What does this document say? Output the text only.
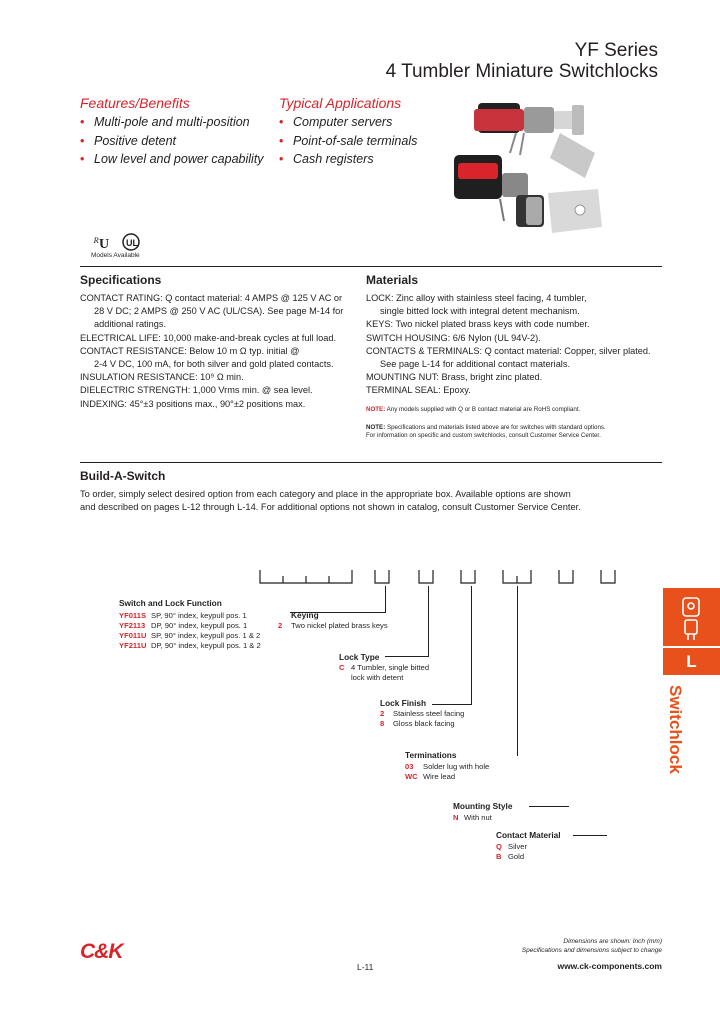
YF Series
4 Tumbler Miniature Switchlocks
Features/Benefits
• Multi-pole and multi-position
• Positive detent
• Low level and power capability
Typical Applications
• Computer servers
• Point-of-sale terminals
• Cash registers
ᴿ U UL
Models Available
Specifications
CONTACT RATING: Q contact material: 4 AMPS @ 125 V AC or
28 V DC; 2 AMPS @ 250 V AC (UL/CSA). See page M-14 for
additional ratings.
ELECTRICAL LIFE: 10,000 make-and-break cycles at full load.
CONTACT RESISTANCE: Below 10 m Ω typ. initial @
2-4 V DC, 100 mA, for both silver and gold plated contacts.
INSULATION RESISTANCE: 10⁹ Ω min.
DIELECTRIC STRENGTH: 1,000 Vrms min. @ sea level.
INDEXING: 45°±3 positions max., 90°±2 positions max.
Materials
LOCK: Zinc alloy with stainless steel facing, 4 tumbler,
single bitted lock with integral detent mechanism.
KEYS: Two nickel plated brass keys with code number.
SWITCH HOUSING: 6/6 Nylon (UL 94V-2).
CONTACTS & TERMINALS: Q contact material: Copper, silver plated.
See page L-14 for additional contact materials.
MOUNTING NUT: Brass, bright zinc plated.
TERMINAL SEAL: Epoxy.
NOTE: Any models supplied with Q or B contact material are RoHS compliant.
NOTE: Specifications and materials listed above are for switches with standard options.
For information on specific and custom switchlocks, consult Customer Service Center.
Build-A-Switch
To order, simply select desired option from each category and place in the appropriate box. Available options are shown
and described on pages L-12 through L-14. For additional options not shown in catalog, consult Customer Service Center.
Switch and Lock Function
YF011S SP, 90° index, keypull pos. 1
YF2113 DP, 90° index, keypull pos. 1
YF011U SP, 90° index, keypull pos. 1 & 2
YF211U DP, 90° index, keypull pos. 1 & 2
Keying
2 Two nickel plated brass keys
Lock Type
C 4 Tumbler, single bitted
lock with detent
Lock Finish
2 Stainless steel facing
8 Gloss black facing
Terminations
03 Solder lug with hole
WC Wire lead
Mounting Style
N With nut
Contact Material
Q Silver
B Gold
L
Switchlock
C&K
L-11
Dimensions are shown: Inch (mm)
Specifications and dimensions subject to change
www.ck-components.com
